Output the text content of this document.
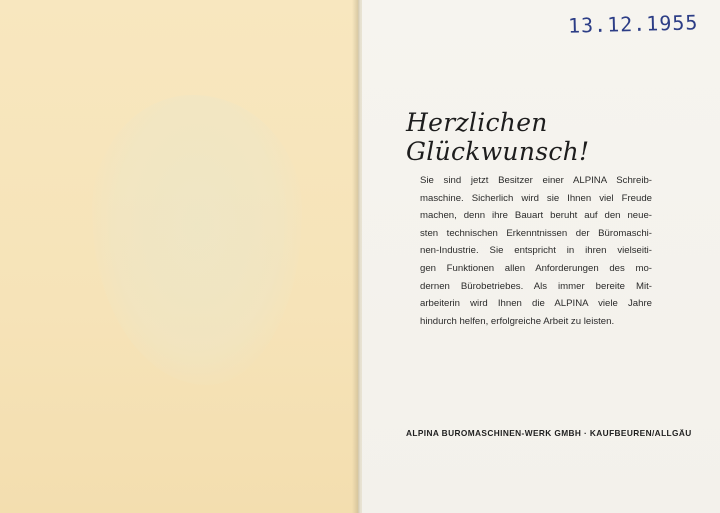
13.12.1955
Herzlichen Glückwunsch!
Sie sind jetzt Besitzer einer ALPINA Schreib-
maschine. Sicherlich wird sie Ihnen viel Freude
machen, denn ihre Bauart beruht auf den neue-
sten technischen Erkenntnissen der Büromaschi-
nen-Industrie. Sie entspricht in ihren vielseiti-
gen Funktionen allen Anforderungen des mo-
dernen Bürobetriebes. Als immer bereite Mit-
arbeiterin wird Ihnen die ALPINA viele Jahre
hindurch helfen, erfolgreiche Arbeit zu leisten.
ALPINA BUROMASCHINEN-WERK GMBH · KAUFBEUREN/ALLGÄU
